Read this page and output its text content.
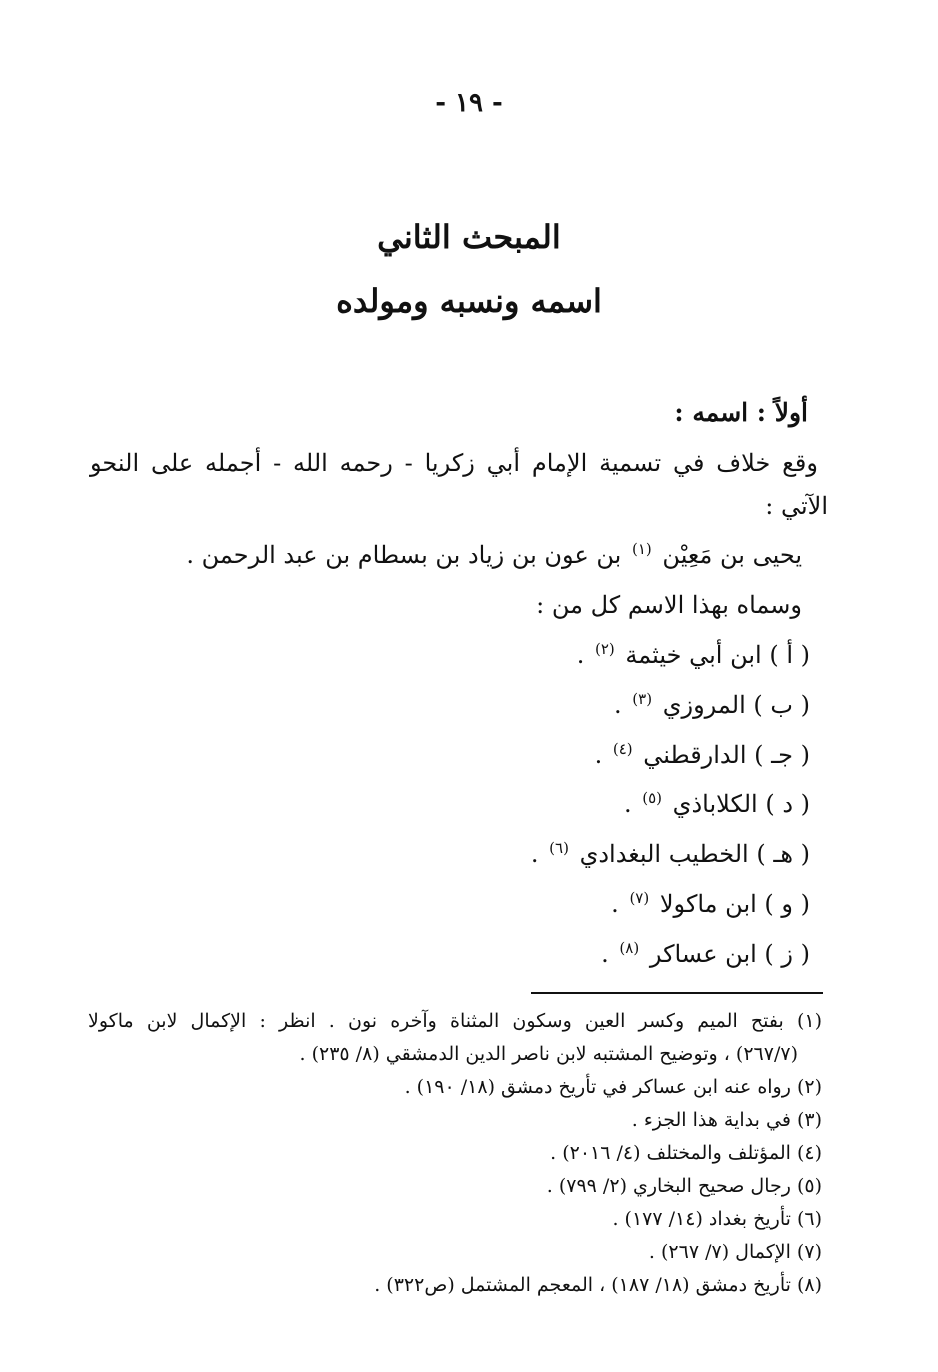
- ١٩ -
المبحث الثاني
اسمه ونسبه ومولده
أولاً : اسمه :
وقع خلاف في تسمية الإمام أبي زكريا - رحمه الله - أجمله على النحو
الآتي :
يحيى بن مَعِيْن $^{(١)}$ بن عون بن زياد بن بسطام بن عبد الرحمن .
وسماه بهذا الاسم كل من :
( أ ) ابن أبي خيثمة $^{(٢)}$ .
( ب ) المروزي $^{(٣)}$ .
( جـ ) الدارقطني $^{(٤)}$ .
( د ) الكلاباذي $^{(٥)}$ .
( هـ ) الخطيب البغدادي $^{(٦)}$ .
( و ) ابن ماكولا $^{(٧)}$ .
( ز ) ابن عساكر $^{(٨)}$ .
(١) بفتح الميم وكسر العين وسكون المثناة وآخره نون . انظر : الإكمال لابن ماكولا
(٢٦٧/٧) ، وتوضيح المشتبه لابن ناصر الدين الدمشقي (٨/ ٢٣٥) .
(٢) رواه عنه ابن عساكر في تأريخ دمشق (١٨/ ١٩٠) .
(٣) في بداية هذا الجزء .
(٤) المؤتلف والمختلف (٤/ ٢٠١٦) .
(٥) رجال صحيح البخاري (٢/ ٧٩٩) .
(٦) تأريخ بغداد (١٤/ ١٧٧) .
(٧) الإكمال (٧/ ٢٦٧) .
(٨) تأريخ دمشق (١٨/ ١٨٧) ، المعجم المشتمل (ص٣٢٢) .
